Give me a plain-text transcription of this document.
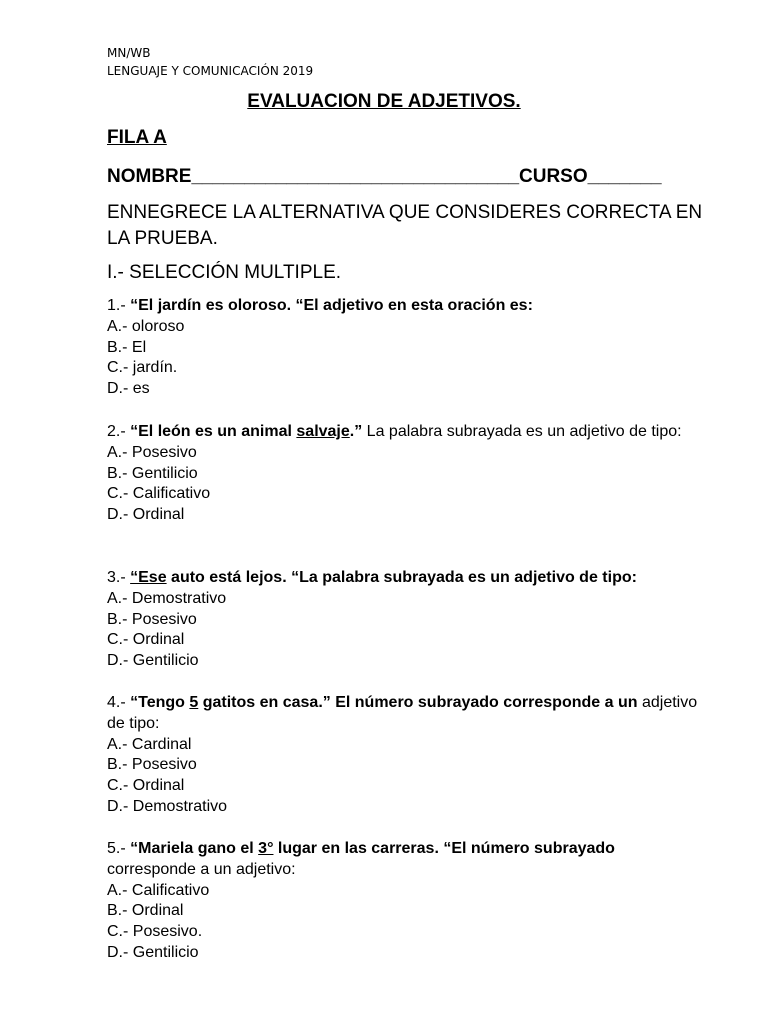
MN/WB
LENGUAJE Y COMUNICACIÓN 2019
EVALUACION DE ADJETIVOS.
FILA A
NOMBRE_______________________________CURSO_______
ENNEGRECE LA ALTERNATIVA QUE CONSIDERES CORRECTA EN LA PRUEBA.
I.- SELECCIÓN MULTIPLE.
1.- “El jardín es oloroso. “El adjetivo en esta oración es:
A.- oloroso
B.- El
C.- jardín.
D.- es
2.- “El león es un animal salvaje.” La palabra subrayada es un adjetivo de tipo:
A.- Posesivo
B.- Gentilicio
C.- Calificativo
D.- Ordinal
3.- “Ese auto está lejos. “La palabra subrayada es un adjetivo de tipo:
A.- Demostrativo
B.- Posesivo
C.- Ordinal
D.- Gentilicio
4.- “Tengo 5 gatitos en casa.” El número subrayado corresponde a un adjetivo de tipo:
A.- Cardinal
B.- Posesivo
C.- Ordinal
D.- Demostrativo
5.- “Mariela gano el 3° lugar en las carreras. “El número subrayado corresponde a un adjetivo:
A.- Calificativo
B.- Ordinal
C.- Posesivo.
D.- Gentilicio
